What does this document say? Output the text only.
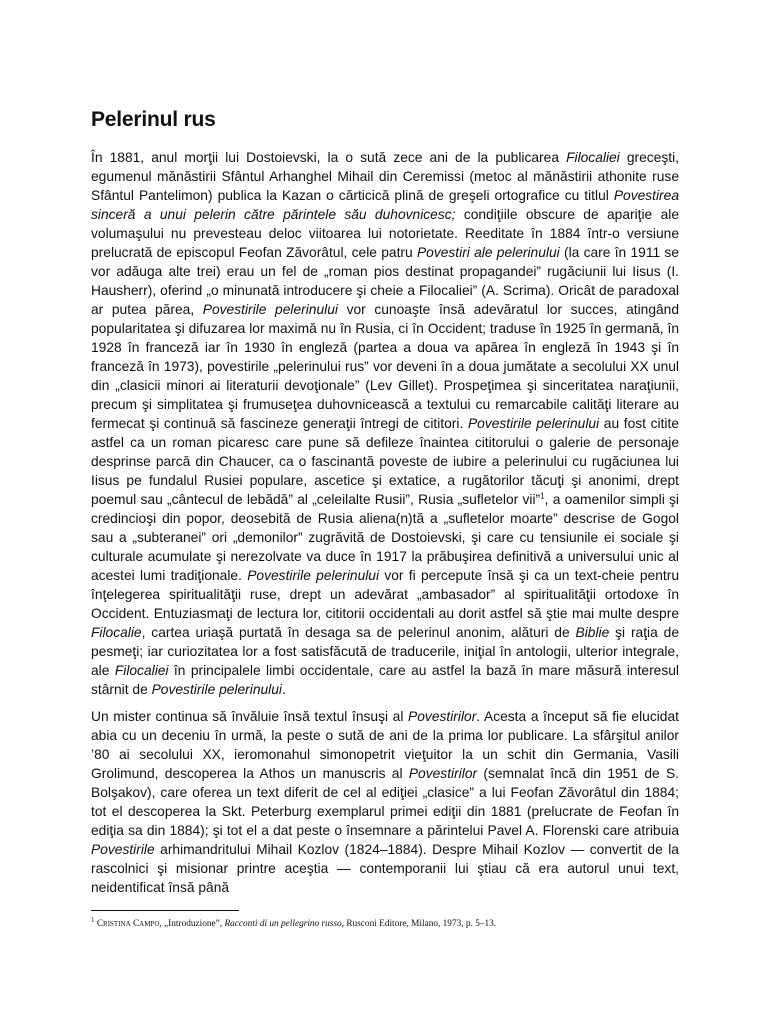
Pelerinul rus

În 1881, anul morţii lui Dostoievski, la o sută zece ani de la publicarea Filocaliei greceşti, egumenul mănăstirii Sfântul Arhanghel Mihail din Ceremissi (metoc al mănăstirii athonite ruse Sfântul Pantelimon) publica la Kazan o cărticică plină de greşeli ortografice cu titlul Povestirea sinceră a unui pelerin către părintele său duhovnicesc; condiţiile obscure de apariţie ale volumaşului nu prevesteau deloc viitoarea lui notorietate. Reeditate în 1884 într-o versiune prelucrată de episcopul Feofan Zăvorâtul, cele patru Povestiri ale pelerinului (la care în 1911 se vor adăuga alte trei) erau un fel de „roman pios destinat propagandei” rugăciunii lui Iisus (I. Hausherr), oferind „o minunată introducere şi cheie a Filocaliei” (A. Scrima). Oricât de paradoxal ar putea părea, Povestirile pelerinului vor cunoaşte însă adevăratul lor succes, atingând popularitatea şi difuzarea lor maximă nu în Rusia, ci în Occident; traduse în 1925 în germană, în 1928 în franceză iar în 1930 în engleză (partea a doua va apărea în engleză în 1943 şi în franceză în 1973), povestirile „pelerinului rus” vor deveni în a doua jumătate a secolului XX unul din „clasicii minori ai literaturii devoţionale” (Lev Gillet). Prospeţimea şi sinceritatea naraţiunii, precum şi simplitatea şi frumuseţea duhovnicească a textului cu remarcabile calităţi literare au fermecat şi continuă să fascineze generaţii întregi de cititori. Povestirile pelerinului au fost citite astfel ca un roman picaresc care pune să defileze înaintea cititorului o galerie de personaje desprinse parcă din Chaucer, ca o fascinantă poveste de iubire a pelerinului cu rugăciunea lui Iisus pe fundalul Rusiei populare, ascetice şi extatice, a rugătorilor tăcuţi şi anonimi, drept poemul sau „cântecul de lebădă” al „celeilalte Rusii”, Rusia „sufletelor vii”$^1$, a oamenilor simpli şi credincioşi din popor, deosebită de Rusia aliena(n)tă a „sufletelor moarte” descrise de Gogol sau a „subteranei” ori „demonilor” zugrăvită de Dostoievski, şi care cu tensiunile ei sociale şi culturale acumulate şi nerezolvate va duce în 1917 la prăbuşirea definitivă a universului unic al acestei lumi tradiţionale. Povestirile pelerinului vor fi percepute însă şi ca un text-cheie pentru înţelegerea spiritualităţii ruse, drept un adevărat „ambasador” al spiritualităţii ortodoxe în Occident. Entuziasmaţi de lectura lor, cititorii occidentali au dorit astfel să ştie mai multe despre Filocalie, cartea uriaşă purtată în desaga sa de pelerinul anonim, alături de Biblie şi raţia de pesmeţi; iar curiozitatea lor a fost satisfăcută de traducerile, iniţial în antologii, ulterior integrale, ale Filocaliei în principalele limbi occidentale, care au astfel la bază în mare măsură interesul stârnit de Povestirile pelerinului.

Un mister continua să învăluie însă textul însuşi al Povestirilor. Acesta a început să fie elucidat abia cu un deceniu în urmă, la peste o sută de ani de la prima lor publicare. La sfârşitul anilor ’80 ai secolului XX, ieromonahul simonopetrit vieţuitor la un schit din Germania, Vasili Grolimund, descoperea la Athos un manuscris al Povestirilor (semnalat încă din 1951 de S. Bolşakov), care oferea un text diferit de cel al ediţiei „clasice” a lui Feofan Zăvorâtul din 1884; tot el descoperea la Skt. Peterburg exemplarul primei ediţii din 1881 (prelucrate de Feofan în ediţia sa din 1884); şi tot el a dat peste o însemnare a părintelui Pavel A. Florenski care atribuia Povestirile arhimandritului Mihail Kozlov (1824–1884). Despre Mihail Kozlov — convertit de la rascolnici şi misionar printre aceştia — contemporanii lui ştiau că era autorul unui text, neidentificat însă până

$^1$ Cristina Campo, „Introduzione”, Racconti di un pellegrino russo, Rusconi Editore, Milano, 1973, p. 5–13.
